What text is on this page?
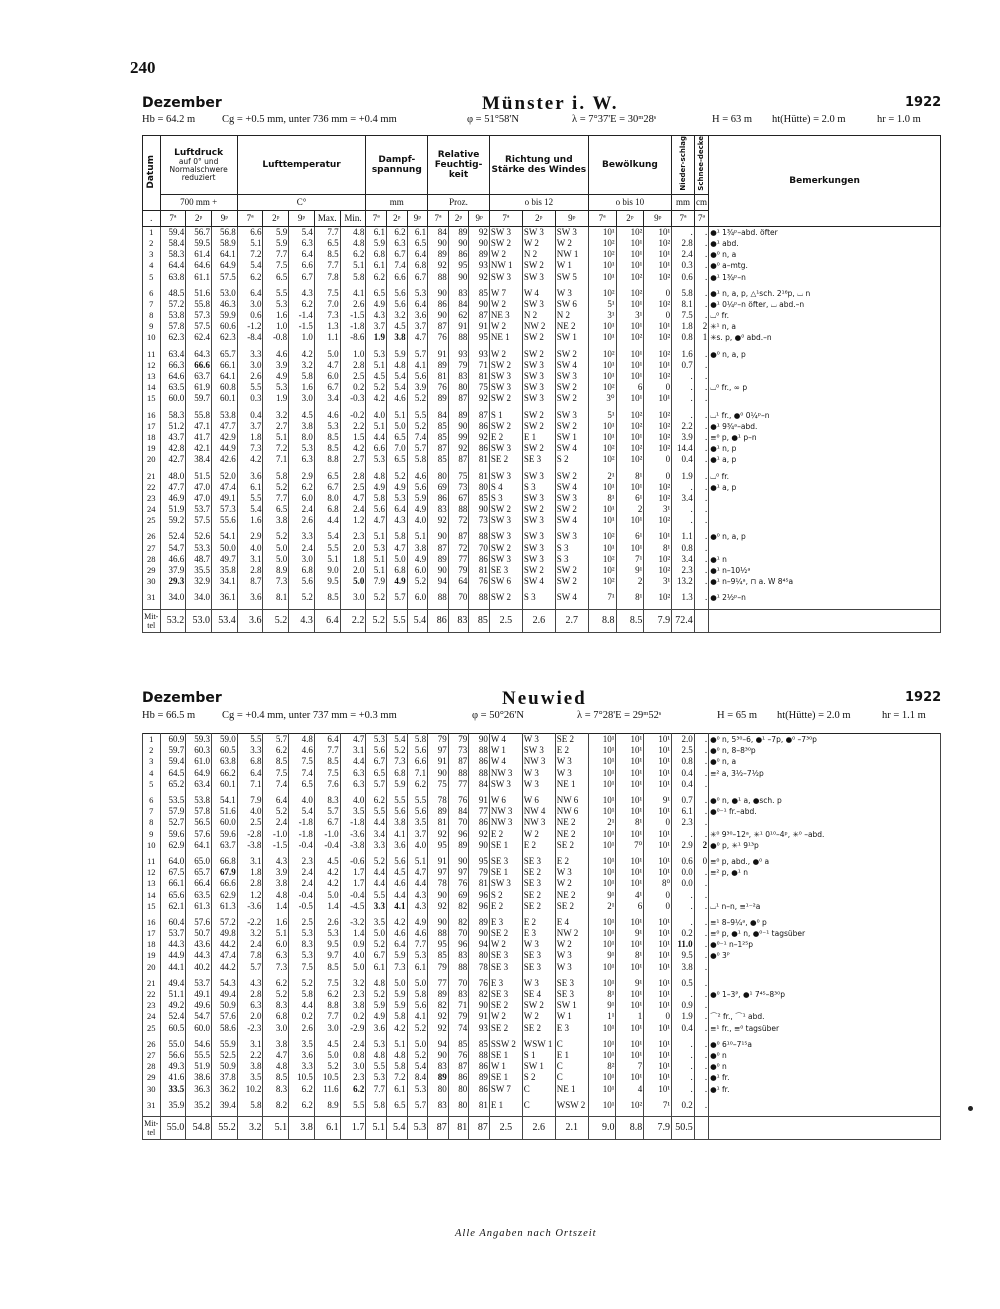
240
Dezember	Münster i. W.	1922
Hb = 64.2 m	Cg = +0.5 mm, unter 736 mm = +0.4 mm	φ = 51°58'N	λ = 7°37'E = 30ᵐ28ˢ	H = 63 m ht(Hütte) = 2.0 m	hr = 1.0 m
Datum	Luftdruck
auf 0° und Normalschwere reduziert			Lufttemperatur					Dampf-spannung			Relative Feuchtig-keit			Richtung und Stärke des Windes			Bewölkung			Nieder-schlag	Schnee-decke	Bemerkungen
	700 mm +			C°					mm			Proz.			o bis 12			o bis 10			mm	cm	
.	7ª	2ᵖ	9ᵖ	7ª	2ᵖ	9ᵖ	Max.	Min.	7ª	2ᵖ	9ᵖ	7ª	2ᵖ	9ᵖ	7ª	2ᵖ	9ᵖ	7ª	2ᵖ	9ᵖ	7ª	7ª	
1	59.4	56.7	56.8	6.6	5.9	5.4	7.7	4.8	6.1	6.2	6.1	84	89	92	SW 3	SW 3	SW 3	10¹	10²	10¹	.	.	●¹ 1¾ᵖ–abd. öfter
2	58.4	59.5	58.9	5.1	5.9	6.3	6.5	4.8	5.9	6.3	6.5	90	90	90	SW 2	W 2	W 2	10²	10¹	10²	2.8	.	●¹ abd.
3	58.3	61.4	64.1	7.2	7.7	6.4	8.5	6.2	6.8	6.7	6.4	89	86	89	W 2	N 2	NW 1	10²	10¹	10¹	2.4	.	●⁰ n, a
4	64.4	64.6	64.9	5.4	7.5	6.6	7.7	5.1	6.1	7.4	6.8	92	95	93	NW 1	SW 2	W 1	10¹	10¹	10¹	0.3	.	●⁰ a–mtg.
5	63.8	61.1	57.5	6.2	6.5	6.7	7.8	5.8	6.2	6.6	6.7	88	90	92	SW 3	SW 3	SW 5	10¹	10²	10²	0.6	.	●¹ 1¾ᵖ–n

6	48.5	51.6	53.0	6.4	5.5	4.3	7.5	4.1	6.5	5.6	5.3	90	83	85	W 7	W 4	W 3	10²	10²	0	5.8	.	●¹ n, a, p, △¹sch. 2¹⁶p, ⌴ n
7	57.2	55.8	46.3	3.0	5.3	6.2	7.0	2.6	4.9	5.6	6.4	86	84	90	W 2	SW 3	SW 6	5¹	10¹	10²	8.1	.	●¹ 0¼ᵖ–n öfter, ⌴ abd.–n
8	53.8	57.3	59.9	0.6	1.6	-1.4	7.3	-1.5	4.3	3.2	3.6	90	62	87	NE 3	N 2	N 2	3¹	3¹	0	7.5	.	⌴⁰ fr.
9	57.8	57.5	60.6	-1.2	1.0	-1.5	1.3	-1.8	3.7	4.5	3.7	87	91	91	W 2	NW 2	NE 2	10¹	10¹	10¹	1.8	2	✳¹ n, a
10	62.3	62.4	62.3	-8.4	-0.8	1.0	1.1	-8.6	1.9	3.8	4.7	76	88	95	NE 1	SW 2	SW 1	10¹	10²	10²	0.8	1	✳s. p, ●⁰ abd.–n

11	63.4	64.3	65.7	3.3	4.6	4.2	5.0	1.0	5.3	5.9	5.7	91	93	93	W 2	SW 2	SW 2	10²	10¹	10²	1.6	.	●⁰ n, a, p
12	66.3	66.6	66.1	3.0	3.9	3.2	4.7	2.8	5.1	4.8	4.1	89	79	71	SW 2	SW 3	SW 4	10¹	10¹	10¹	0.7	.	
13	64.6	63.7	64.1	2.6	4.9	5.8	6.0	2.5	4.5	5.4	5.6	81	83	81	SW 3	SW 3	SW 3	10¹	10¹	10²	.	.	
14	63.5	61.9	60.8	5.5	5.3	1.6	6.7	0.2	5.2	5.4	3.9	76	80	75	SW 3	SW 3	SW 2	10²	6	0	.	.	⌴⁰ fr., ∞ p
15	60.0	59.7	60.1	0.3	1.9	3.0	3.4	-0.3	4.2	4.6	5.2	89	87	92	SW 2	SW 3	SW 2	3⁰	10¹	10¹	.	.	

16	58.3	55.8	53.8	0.4	3.2	4.5	4.6	-0.2	4.0	5.1	5.5	84	89	87	S 1	SW 2	SW 3	5¹	10²	10²	.	.	⌴¹ fr., ●⁰ 0¼ᵖ–n
17	51.2	47.1	47.7	3.7	2.7	3.8	5.3	2.2	5.1	5.0	5.2	85	90	86	SW 2	SW 2	SW 2	10¹	10²	10²	2.2	.	●¹ 9¾ᵃ–abd.
18	43.7	41.7	42.9	1.8	5.1	8.0	8.5	1.5	4.4	6.5	7.4	85	99	92	E 2	E 1	SW 1	10¹	10¹	10²	3.9	.	≡⁰ p, ●¹ p–n
19	42.8	42.1	44.9	7.3	7.2	5.3	8.5	4.2	6.6	7.0	5.7	87	92	86	SW 3	SW 2	SW 4	10²	10²	10²	14.4	.	●¹ n, p
20	42.7	38.4	42.6	4.2	7.1	6.3	8.8	2.7	5.3	6.5	5.8	85	87	81	SE 2	SE 3	S 2	10²	10²	0	0.4	.	●¹ a, p

21	48.0	51.5	52.0	3.6	5.8	2.9	6.5	2.8	4.8	5.2	4.6	80	75	81	SW 3	SW 3	SW 2	2¹	8¹	0	1.9	.	⌴⁰ fr.
22	47.7	47.0	47.4	6.1	5.2	6.2	6.7	2.5	4.9	4.9	5.6	69	73	80	S 4	S 3	SW 4	10¹	10¹	10²	.	.	●¹ a, p
23	46.9	47.0	49.1	5.5	7.7	6.0	8.0	4.7	5.8	5.3	5.9	86	67	85	S 3	SW 3	SW 3	8¹	6¹	10²	3.4	.	
24	51.9	53.7	57.3	5.4	6.5	2.4	6.8	2.4	5.6	6.4	4.9	83	88	90	SW 2	SW 2	SW 2	10¹	2	3¹	.	.	
25	59.2	57.5	55.6	1.6	3.8	2.6	4.4	1.2	4.7	4.3	4.0	92	72	73	SW 3	SW 3	SW 4	10¹	10¹	10²	.	.	

26	52.4	52.6	54.1	2.9	5.2	3.3	5.4	2.3	5.1	5.8	5.1	90	87	88	SW 3	SW 3	SW 3	10²	6¹	10¹	1.1	.	●⁰ n, a, p
27	54.7	53.3	50.0	4.0	5.0	2.4	5.5	2.0	5.3	4.7	3.8	87	72	70	SW 2	SW 3	S 3	10¹	10¹	8¹	0.8	.	
28	46.6	48.7	49.7	3.1	5.0	3.0	5.1	1.8	5.1	5.0	4.9	89	77	86	SW 3	SW 3	S 3	10²	7¹	10²	3.4	.	●¹ n
29	37.9	35.5	35.8	2.8	8.9	6.8	9.0	2.0	5.1	6.8	6.0	90	79	81	SE 3	SW 2	SW 2	10²	9¹	10²	2.3	.	●¹ n–10½ᵃ
30	29.3	32.9	34.1	8.7	7.3	5.6	9.5	5.0	7.9	4.9	5.2	94	64	76	SW 6	SW 4	SW 2	10²	2	3¹	13.2	.	●¹ n–9¼ᵃ, ⊓ a. W 8⁴⁵a

31	34.0	34.0	36.1	3.6	8.1	5.2	8.5	3.0	5.2	5.7	6.0	88	70	88	SW 2	S 3	SW 4	7¹	8¹	10²	1.3	.	●¹ 2½ᵖ–n

Mit-tel	53.2	53.0	53.4	3.6	5.2	4.3	6.4	2.2	5.2	5.5	5.4	86	83	85	2.5	2.6	2.7	8.8	8.5	7.9	72.4		
Dezember	Neuwied	1922
Hb = 66.5 m	Cg = +0.4 mm, unter 737 mm = +0.3 mm	φ = 50°26'N	λ = 7°28'E = 29ᵐ52ˢ	H = 65 m ht(Hütte) = 2.0 m	hr = 1.1 m
1	60.9	59.3	59.0	5.5	5.7	4.8	6.4	4.7	5.3	5.4	5.8	79	79	90	W 4	W 3	SE 2	10¹	10¹	10¹	2.0	.	●⁰ n, 5³⁰–6, ●¹ –7p, ●⁰ –7³⁰p
2	59.7	60.3	60.5	3.3	6.2	4.6	7.7	3.1	5.6	5.2	5.6	97	73	88	W 1	SW 3	E 2	10¹	10¹	10¹	2.5	.	●⁰ n, 8–8³⁰p
3	59.4	61.0	63.8	6.8	8.5	7.5	8.5	4.4	6.7	7.3	6.6	91	87	86	W 4	NW 3	W 3	10¹	10¹	10¹	0.8	.	●⁰ n, a
4	64.5	64.9	66.2	6.4	7.5	7.4	7.5	6.3	6.5	6.8	7.1	90	88	88	NW 3	W 3	W 3	10¹	10¹	10¹	0.4	.	≡² a, 3½–7½p
5	65.2	63.4	60.1	7.1	7.4	6.5	7.6	6.3	5.7	5.9	6.2	75	77	84	SW 3	W 3	NE 1	10¹	10¹	10¹	0.4	.	

6	53.5	53.8	54.1	7.9	6.4	4.0	8.3	4.0	6.2	5.5	5.5	78	76	91	W 6	W 6	NW 6	10¹	10¹	9¹	0.7	.	●⁰ n, ●¹ a, ●sch. p
7	57.9	57.8	51.6	4.0	5.2	5.4	5.7	3.5	5.5	5.6	5.6	89	84	77	NW 3	NW 4	NW 6	10¹	10¹	10¹	6.1	.	●⁰⁻¹ fr.–abd.
8	52.7	56.5	60.0	2.5	2.4	-1.8	6.7	-1.8	4.4	3.8	3.5	81	70	86	NW 3	NW 3	NE 2	2¹	8¹	0	2.3	.	
9	59.6	57.6	59.6	-2.8	-1.0	-1.8	-1.0	-3.6	3.4	4.1	3.7	92	96	92	E 2	W 2	NE 2	10¹	10¹	10¹	.	.	✳⁰ 9³⁰–12ᵃ, ✳¹ 0¹⁰–4ᵖ, ✳⁰ –abd.
10	62.9	64.1	63.7	-3.8	-1.5	-0.4	-0.4	-3.8	3.3	3.6	4.0	95	89	90	SE 1	E 2	SE 2	10¹	7⁰	10¹	2.9	2	●⁰ p, ✳¹ 9¹³p

11	64.0	65.0	66.8	3.1	4.3	2.3	4.5	-0.6	5.2	5.6	5.1	91	90	95	SE 3	SE 3	E 2	10¹	10¹	10¹	0.6	0	≡⁰ p, abd., ●⁰ a
12	67.5	65.7	67.9	1.8	3.9	2.4	4.2	1.7	4.4	4.5	4.7	97	97	79	SE 1	SE 2	W 3	10¹	10¹	10¹	0.0	.	≡² p, ●¹ n
13	66.1	66.4	66.6	2.8	3.8	2.4	4.2	1.7	4.4	4.6	4.4	78	76	81	SW 3	SE 3	W 2	10¹	10¹	8⁰	0.0	.	
14	65.6	63.5	62.9	1.2	4.8	-0.4	5.0	-0.4	5.5	4.4	4.3	90	69	96	S 2	SE 2	NE 2	9¹	4¹	0	.	.	
15	62.1	61.3	61.3	-3.6	1.4	-0.5	1.4	-4.5	3.3	4.1	4.3	92	82	96	E 2	SE 2	SE 2	2¹	6	0	.	.	⌴¹ n–n, ≡¹⁻²a

16	60.4	57.6	57.2	-2.2	1.6	2.5	2.6	-3.2	3.5	4.2	4.9	90	82	89	E 3	E 2	E 4	10¹	10¹	10¹	.	.	≡¹ 8–9¼ᵃ, ●⁰ p
17	53.7	50.7	49.8	3.2	5.1	5.3	5.3	1.4	5.0	4.6	4.6	88	70	90	SE 2	E 3	NW 2	10¹	9¹	10¹	0.2	.	≡⁰ p, ●¹ n, ●⁰⁻¹ tagsüber
18	44.3	43.6	44.2	2.4	6.0	8.3	9.5	0.9	5.2	6.4	7.7	95	96	94	W 2	W 3	W 2	10¹	10¹	10¹	11.0	.	●⁰⁻¹ n–1²⁵p
19	44.9	44.3	47.4	7.8	6.3	5.3	9.7	4.0	6.7	5.9	5.3	85	83	80	SE 3	SE 3	W 3	9¹	8¹	10¹	9.5	.	●⁰ 3ᴾ
20	44.1	40.2	44.2	5.7	7.3	7.5	8.5	5.0	6.1	7.3	6.1	79	88	78	SE 3	SE 3	W 3	10¹	10¹	10¹	3.8	.	

21	49.4	53.7	54.3	4.3	6.2	5.2	7.5	3.2	4.8	5.0	5.0	77	70	76	E 3	W 3	SE 3	10¹	9¹	10¹	0.5	.	
22	51.1	49.1	49.4	2.8	5.2	5.8	6.2	2.3	5.2	5.9	5.8	89	83	82	SE 3	SE 4	SE 3	8¹	10¹	10¹	.	.	●⁰ 1–3ᴾ, ●¹ 7⁴⁵–8³⁰p
23	49.2	49.6	50.9	6.3	8.3	4.4	8.8	3.8	5.9	5.9	5.6	82	71	90	SE 2	SW 2	SW 1	9¹	10¹	10¹	0.9	.	
24	52.4	54.7	57.6	2.0	6.8	0.2	7.7	0.2	4.9	5.8	4.1	92	79	91	W 2	W 2	W 1	1¹	1	0	1.9	.	⌒² fr., ⌒¹ abd.
25	60.5	60.0	58.6	-2.3	3.0	2.6	3.0	-2.9	3.6	4.2	5.2	92	74	93	SE 2	SE 2	E 3	10¹	10¹	10¹	0.4	.	≡¹ fr., ≡⁰ tagsüber

26	55.0	54.6	55.9	3.1	3.8	3.5	4.5	2.4	5.3	5.1	5.0	94	85	85	SSW 2	WSW 1	C	10¹	10¹	10¹	.	.	●⁰ 6¹⁰–7¹⁵a
27	56.6	55.5	52.5	2.2	4.7	3.6	5.0	0.8	4.8	4.8	5.2	90	76	88	SE 1	S 1	E 1	10¹	10¹	10¹	.	.	●⁰ n
28	49.3	51.9	50.9	3.8	4.8	3.3	5.2	3.0	5.5	5.8	5.4	83	87	86	W 1	SW 1	C	8²	7	10¹	.	.	●⁰ n
29	41.6	38.6	37.8	3.5	8.5	10.5	10.5	2.3	5.3	7.2	8.4	89	86	89	SE 1	S 2	C	10¹	10¹	10¹	.	.	●¹ fr.
30	33.5	36.3	36.2	10.2	8.3	6.2	11.6	6.2	7.7	6.1	5.3	80	80	86	SW 7	C	NE 1	10¹	4	10¹	.	.	●¹ fr.

31	35.9	35.2	39.4	5.8	8.2	6.2	8.9	5.5	5.8	6.5	5.7	83	80	81	E 1	C	WSW 2	10¹	10²	7¹	0.2	.	

Mit-tel	55.0	54.8	55.2	3.2	5.1	3.8	6.1	1.7	5.1	5.4	5.3	87	81	87	2.5	2.6	2.1	9.0	8.8	7.9	50.5		
Alle Angaben nach Ortszeit
